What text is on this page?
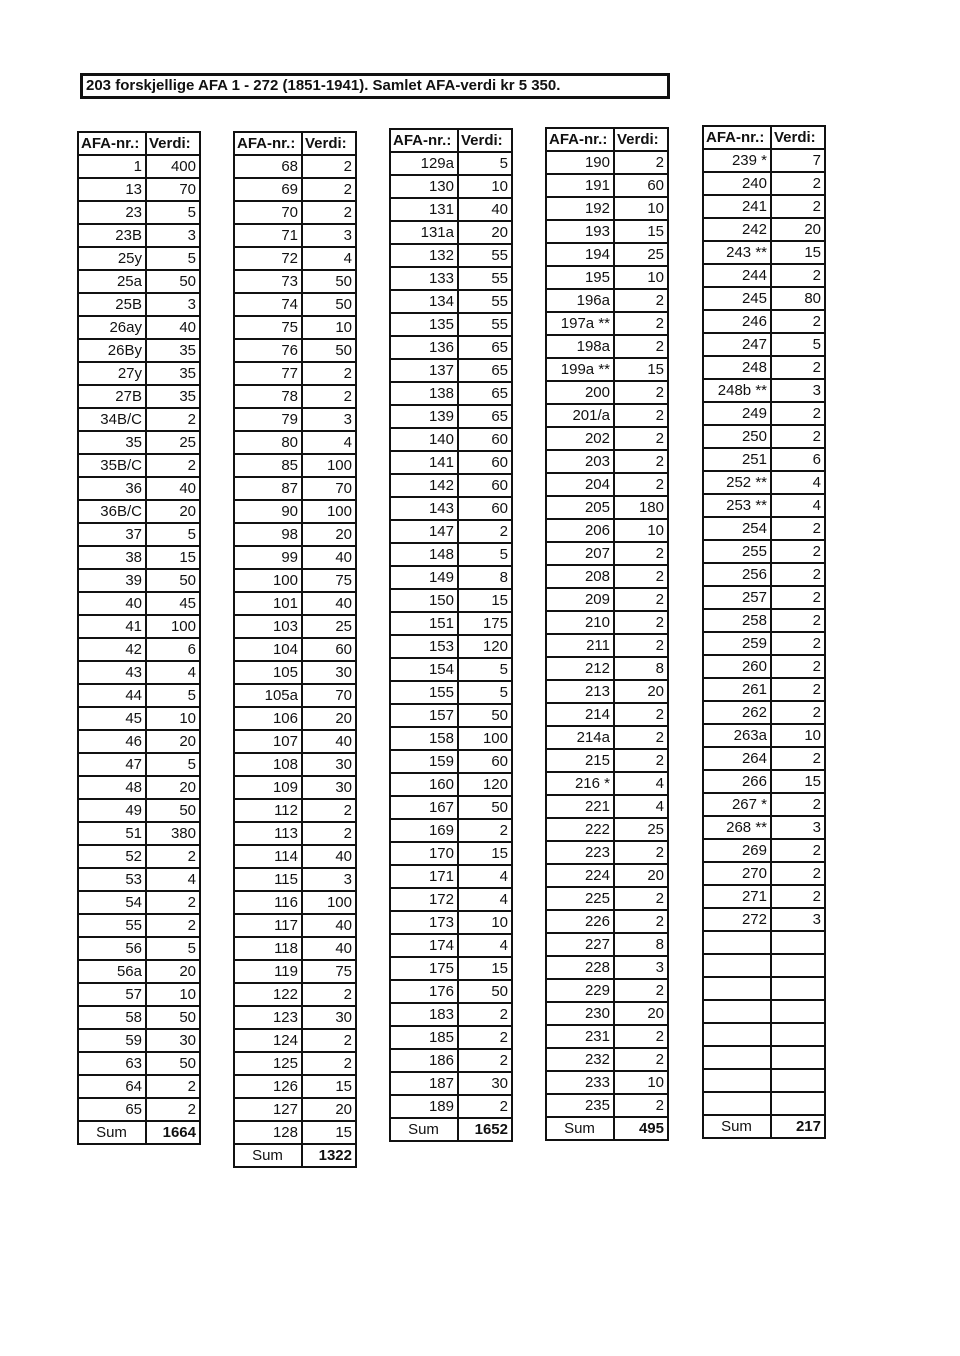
203 forskjellige AFA 1 - 272 (1851-1941). Samlet AFA-verdi kr 5 350.
AFA-nr.:	Verdi:
1	400
13	70
23	5
23B	3
25y	5
25a	50
25B	3
26ay	40
26By	35
27y	35
27B	35
34B/C	2
35	25
35B/C	2
36	40
36B/C	20
37	5
38	15
39	50
40	45
41	100
42	6
43	4
44	5
45	10
46	20
47	5
48	20
49	50
51	380
52	2
53	4
54	2
55	2
56	5
56a	20
57	10
58	50
59	30
63	50
64	2
65	2
Sum	1664
AFA-nr.:	Verdi:
68	2
69	2
70	2
71	3
72	4
73	50
74	50
75	10
76	50
77	2
78	2
79	3
80	4
85	100
87	70
90	100
98	20
99	40
100	75
101	40
103	25
104	60
105	30
105a	70
106	20
107	40
108	30
109	30
112	2
113	2
114	40
115	3
116	100
117	40
118	40
119	75
122	2
123	30
124	2
125	2
126	15
127	20
128	15
Sum	1322
AFA-nr.:	Verdi:
129a	5
130	10
131	40
131a	20
132	55
133	55
134	55
135	55
136	65
137	65
138	65
139	65
140	60
141	60
142	60
143	60
147	2
148	5
149	8
150	15
151	175
153	120
154	5
155	5
157	50
158	100
159	60
160	120
167	50
169	2
170	15
171	4
172	4
173	10
174	4
175	15
176	50
183	2
185	2
186	2
187	30
189	2
Sum	1652
AFA-nr.:	Verdi:
190	2
191	60
192	10
193	15
194	25
195	10
196a	2
197a **	2
198a	2
199a **	15
200	2
201/a	2
202	2
203	2
204	2
205	180
206	10
207	2
208	2
209	2
210	2
211	2
212	8
213	20
214	2
214a	2
215	2
216 *	4
221	4
222	25
223	2
224	20
225	2
226	2
227	8
228	3
229	2
230	20
231	2
232	2
233	10
235	2
Sum	495
AFA-nr.:	Verdi:
239 *	7
240	2
241	2
242	20
243 **	15
244	2
245	80
246	2
247	5
248	2
248b **	3
249	2
250	2
251	6
252 **	4
253 **	4
254	2
255	2
256	2
257	2
258	2
259	2
260	2
261	2
262	2
263a	10
264	2
266	15
267 *	2
268 **	3
269	2
270	2
271	2
272	3

Sum	217
